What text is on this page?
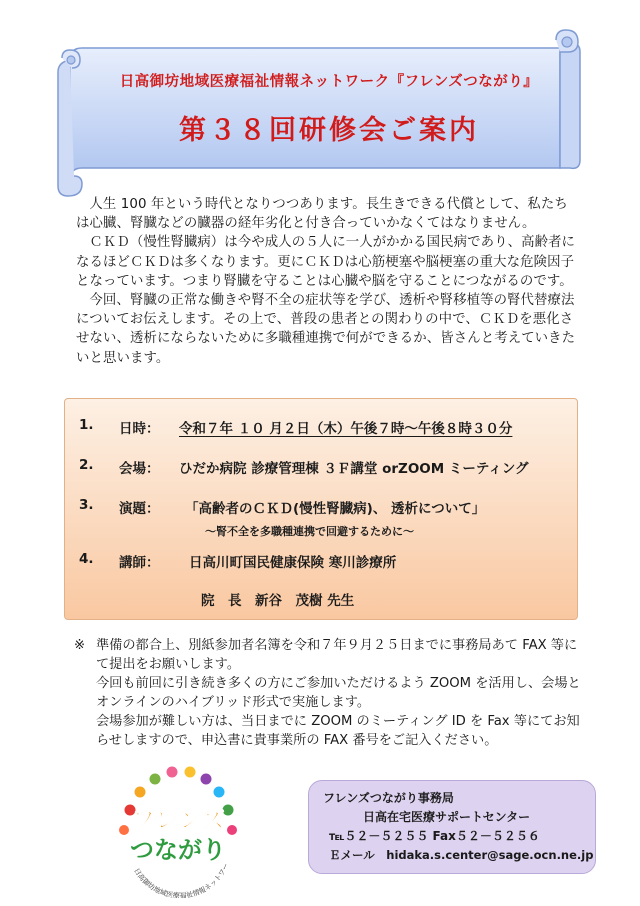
日高御坊地域医療福祉情報ネットワーク『フレンズつながり』
第３８回研修会ご案内

人生 100 年という時代となりつつあります。長生きできる代償として、私たちは心臓、腎臓などの臓器の経年劣化と付き合っていかなくてはなりません。

ＣＫＤ（慢性腎臓病）は今や成人の５人に一人がかかる国民病であり、高齢者になるほどＣＫＤは多くなります。更にＣＫＤは心筋梗塞や脳梗塞の重大な危険因子となっています。つまり腎臓を守ることは心臓や脳を守ることにつながるのです。

今回、腎臓の正常な働きや腎不全の症状等を学び、透析や腎移植等の腎代替療法についてお伝えします。その上で、普段の患者との関わりの中で、ＣＫＤを悪化させない、透析にならないために多職種連携で何ができるか、皆さんと考えていきたいと思います。

1. 日時： 令和７年 １０ 月２日（木）午後７時～午後８時３０分
2. 会場： ひだか病院 診療管理棟 ３Ｆ講堂 orZOOM ミーティング
3. 演題： 「高齢者のＣＫＤ(慢性腎臓病)、 透析について」
～腎不全を多職種連携で回避するために～
4. 講師： 日高川町国民健康保険 寒川診療所
院　長　新谷　茂樹 先生
※ 準備の都合上、別紙参加者名簿を令和７年９月２５日までに事務局あて FAX 等にて提出をお願いします。

今回も前回に引き続き多くの方にご参加いただけるよう ZOOM を活用し、会場とオンラインのハイブリッド形式で実施します。

会場参加が難しい方は、当日までに ZOOM のミーティング ID を Fax 等にてお知らせしますので、申込書に貴事業所の FAX 番号をご記入ください。

フレンズ
つながり
日高御坊地域医療福祉情報ネットワー
フレンズつながり事務局
日高在宅医療サポートセンター
℡５２－５２５５ Fax５２－５２５６
Ｅメール　hidaka.s.center@sage.ocn.ne.jp
